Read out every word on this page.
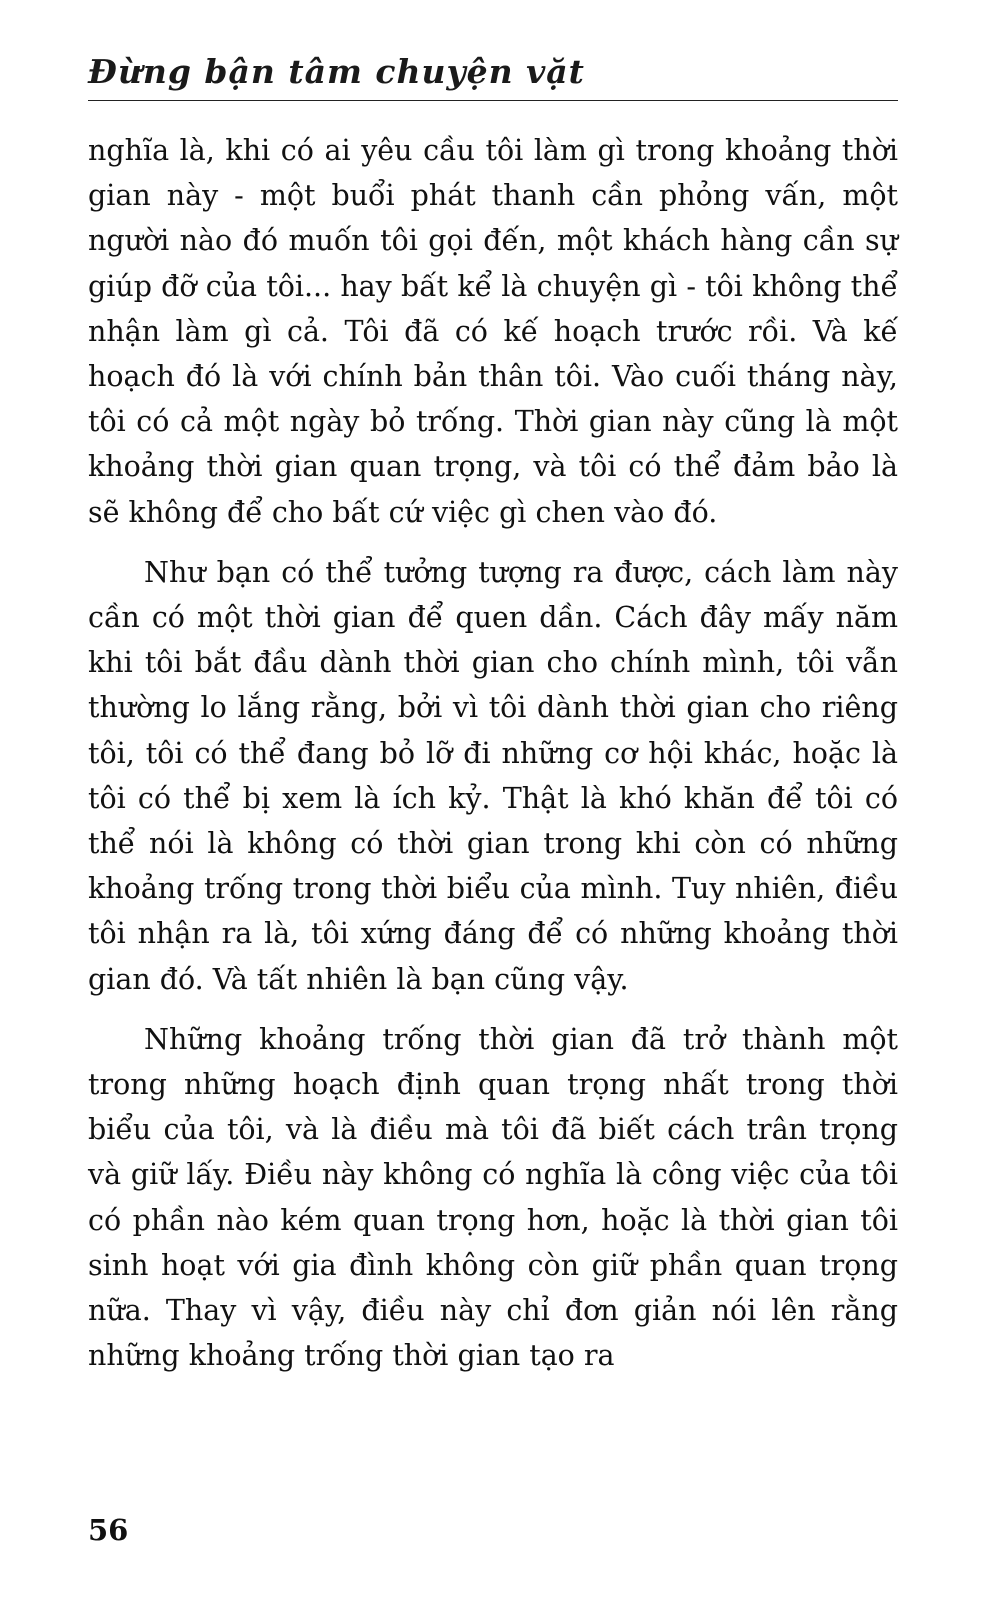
Đừng bận tâm chuyện vặt

nghĩa là, khi có ai yêu cầu tôi làm gì trong khoảng thời gian này - một buổi phát thanh cần phỏng vấn, một người nào đó muốn tôi gọi đến, một khách hàng cần sự giúp đỡ của tôi... hay bất kể là chuyện gì - tôi không thể nhận làm gì cả. Tôi đã có kế hoạch trước rồi. Và kế hoạch đó là với chính bản thân tôi. Vào cuối tháng này, tôi có cả một ngày bỏ trống. Thời gian này cũng là một khoảng thời gian quan trọng, và tôi có thể đảm bảo là sẽ không để cho bất cứ việc gì chen vào đó.

Như bạn có thể tưởng tượng ra được, cách làm này cần có một thời gian để quen dần. Cách đây mấy năm khi tôi bắt đầu dành thời gian cho chính mình, tôi vẫn thường lo lắng rằng, bởi vì tôi dành thời gian cho riêng tôi, tôi có thể đang bỏ lỡ đi những cơ hội khác, hoặc là tôi có thể bị xem là ích kỷ. Thật là khó khăn để tôi có thể nói là không có thời gian trong khi còn có những khoảng trống trong thời biểu của mình. Tuy nhiên, điều tôi nhận ra là, tôi xứng đáng để có những khoảng thời gian đó. Và tất nhiên là bạn cũng vậy.

Những khoảng trống thời gian đã trở thành một trong những hoạch định quan trọng nhất trong thời biểu của tôi, và là điều mà tôi đã biết cách trân trọng và giữ lấy. Điều này không có nghĩa là công việc của tôi có phần nào kém quan trọng hơn, hoặc là thời gian tôi sinh hoạt với gia đình không còn giữ phần quan trọng nữa. Thay vì vậy, điều này chỉ đơn giản nói lên rằng những khoảng trống thời gian tạo ra

56
